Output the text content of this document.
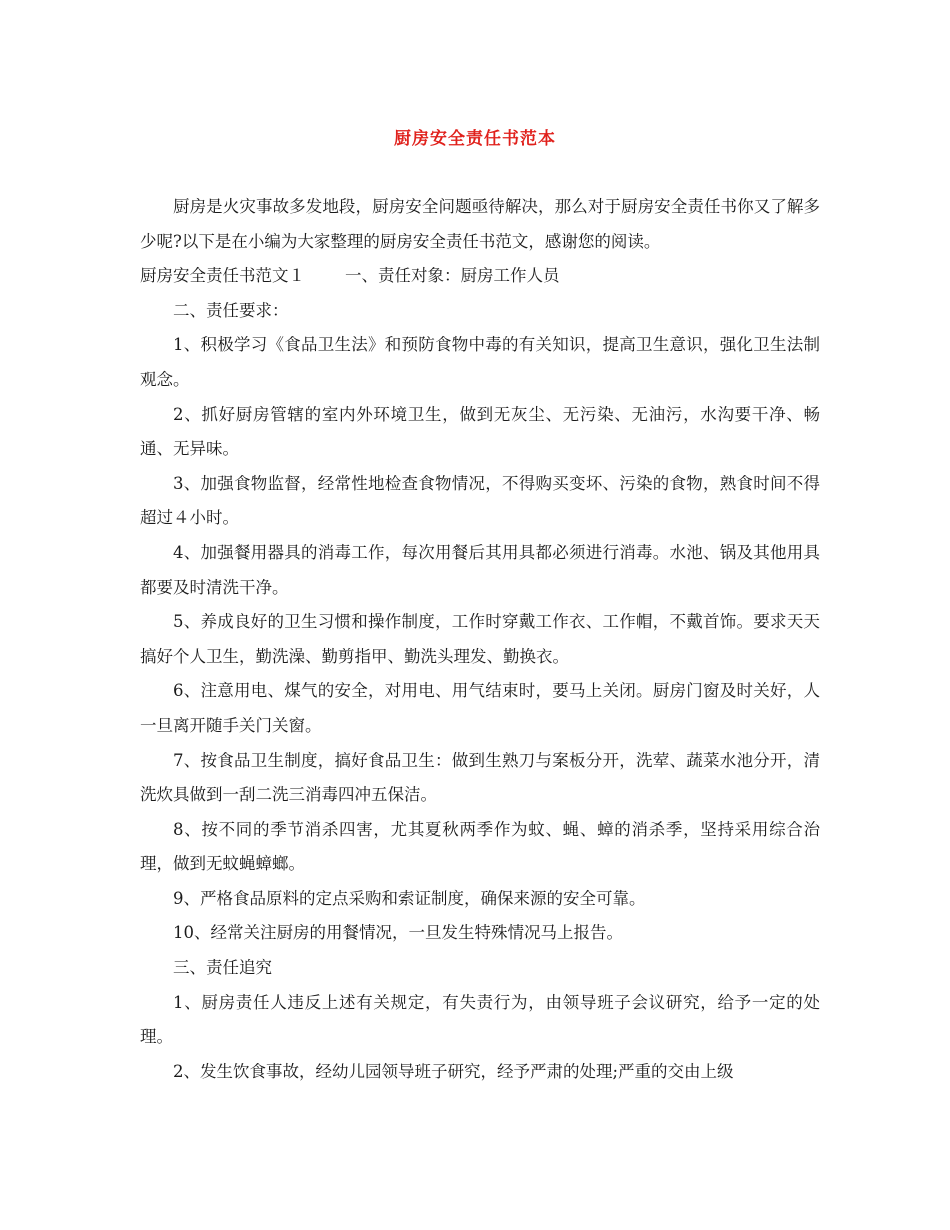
厨房安全责任书范本

厨房是火灾事故多发地段，厨房安全问题亟待解决，那么对于厨房安全责任书你又了解多少呢?以下是在小编为大家整理的厨房安全责任书范文，感谢您的阅读。

厨房安全责任书范文１ 一、责任对象：厨房工作人员

二、责任要求：

1、积极学习《食品卫生法》和预防食物中毒的有关知识，提高卫生意识，强化卫生法制观念。

2、抓好厨房管辖的室内外环境卫生，做到无灰尘、无污染、无油污，水沟要干净、畅通、无异味。

3、加强食物监督，经常性地检查食物情况，不得购买变坏、污染的食物，熟食时间不得超过４小时。

4、加强餐用器具的消毒工作，每次用餐后其用具都必须进行消毒。水池、锅及其他用具都要及时清洗干净。

5、养成良好的卫生习惯和操作制度，工作时穿戴工作衣、工作帽，不戴首饰。要求天天搞好个人卫生，勤洗澡、勤剪指甲、勤洗头理发、勤换衣。

6、注意用电、煤气的安全，对用电、用气结束时，要马上关闭。厨房门窗及时关好，人一旦离开随手关门关窗。

7、按食品卫生制度，搞好食品卫生：做到生熟刀与案板分开，洗荤、蔬菜水池分开，清洗炊具做到一刮二洗三消毒四冲五保洁。

8、按不同的季节消杀四害，尤其夏秋两季作为蚊、蝇、蟑的消杀季，坚持采用综合治理，做到无蚊蝇蟑螂。

9、严格食品原料的定点采购和索证制度，确保来源的安全可靠。

10、经常关注厨房的用餐情况，一旦发生特殊情况马上报告。

三、责任追究

1、厨房责任人违反上述有关规定，有失责行为，由领导班子会议研究，给予一定的处理。

2、发生饮食事故，经幼儿园领导班子研究，经予严肃的处理;严重的交由上级
